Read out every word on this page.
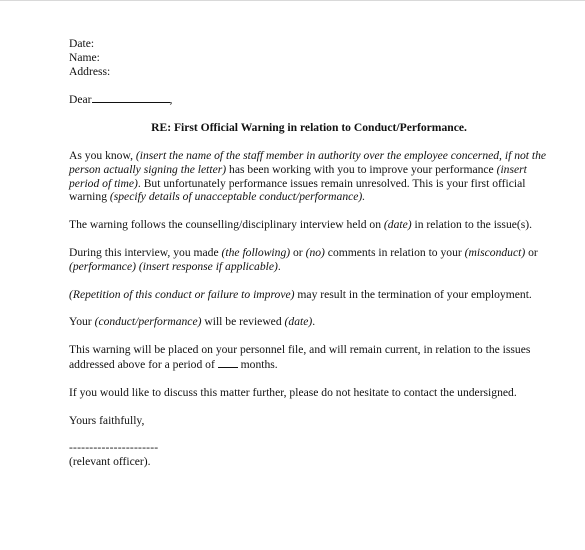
Date:

Name:

Address:

Dear	,

RE: First Official Warning in relation to Conduct/Performance.

As you know, (insert the name of the staff member in authority over the employee concerned, if not the person actually signing the letter) has been working with you to improve your performance (insert period of time). But unfortunately performance issues remain unresolved. This is your first official warning (specify details of unacceptable conduct/performance).

The warning follows the counselling/disciplinary interview held on (date) in relation to the issue(s).

During this interview, you made (the following) or (no) comments in relation to your (misconduct) or (performance) (insert response if applicable).

(Repetition of this conduct or failure to improve) may result in the termination of your employment.

Your (conduct/performance) will be reviewed (date).

This warning will be placed on your personnel file, and will remain current, in relation to the issues addressed above for a period of  months.

If you would like to discuss this matter further, please do not hesitate to contact the undersigned.

Yours faithfully,

----------------------

(relevant officer).
